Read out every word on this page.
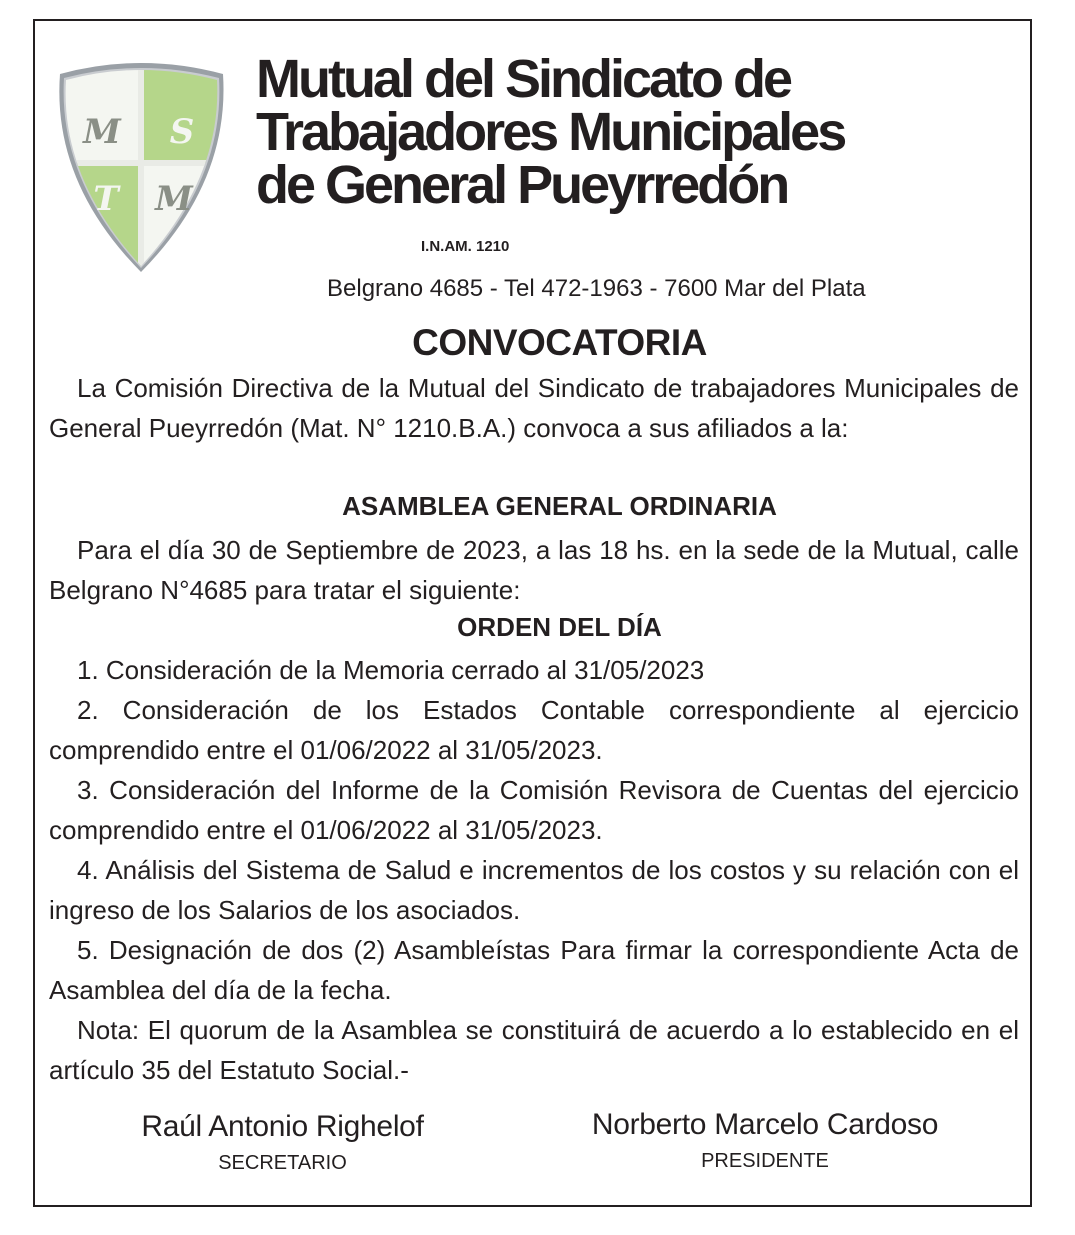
M S
T M
Mutual del Sindicato de
Trabajadores Municipales
de General Pueyrredón
I.N.AM. 1210
Belgrano 4685 - Tel 472-1963 - 7600 Mar del Plata
CONVOCATORIA

La Comisión Directiva de la Mutual del Sindicato de trabajadores Municipales de General Pueyrredón (Mat. N° 1210.B.A.) convoca a sus afiliados a la:

ASAMBLEA GENERAL ORDINARIA

Para el día 30 de Septiembre de 2023, a las 18 hs. en la sede de la Mutual, calle Belgrano N°4685 para tratar el siguiente:

ORDEN DEL DÍA

1. Consideración de la Memoria cerrado al 31/05/2023

2. Consideración de los Estados Contable correspondiente al ejercicio comprendido entre el 01/06/2022 al 31/05/2023.

3. Consideración del Informe de la Comisión Revisora de Cuentas del ejercicio comprendido entre el 01/06/2022 al 31/05/2023.

4. Análisis del Sistema de Salud e incrementos de los costos y su relación con el ingreso de los Salarios de los asociados.

5. Designación de dos (2) Asambleístas Para firmar la correspondiente Acta de Asamblea del día de la fecha.

Nota: El quorum de la Asamblea se constituirá de acuerdo a lo establecido en el artículo 35 del Estatuto Social.-

Raúl Antonio Righelof
SECRETARIO
Norberto Marcelo Cardoso
PRESIDENTE
